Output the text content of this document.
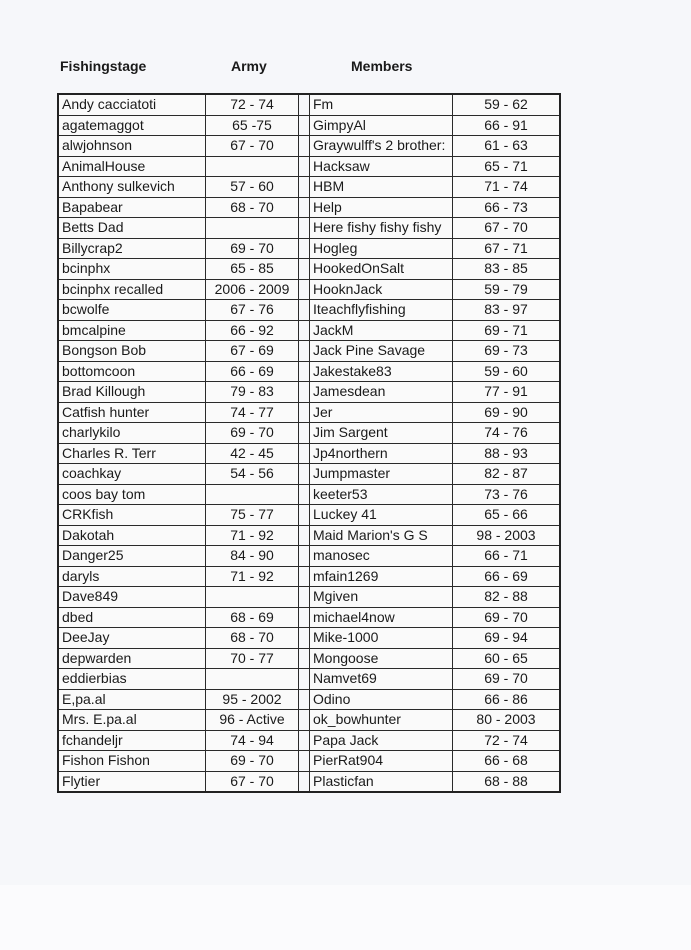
Fishingstage	Army	Members
Andy cacciatoti	72 - 74		Fm	59 - 62
agatemaggot	65 -75		GimpyAl	66 - 91
alwjohnson	67 - 70		Graywulff's 2 brother:	61 - 63
AnimalHouse			Hacksaw	65 - 71
Anthony sulkevich	57 - 60		HBM	71 - 74
Bapabear	68 - 70		Help	66 - 73
Betts Dad			Here fishy fishy fishy	67 - 70
Billycrap2	69 - 70		Hogleg	67 - 71
bcinphx	65 - 85		HookedOnSalt	83 - 85
bcinphx recalled	2006 - 2009		HooknJack	59 - 79
bcwolfe	67 - 76		Iteachflyfishing	83 - 97
bmcalpine	66 - 92		JackM	69 - 71
Bongson Bob	67 - 69		Jack Pine Savage	69 - 73
bottomcoon	66 - 69		Jakestake83	59 - 60
Brad Killough	79 - 83		Jamesdean	77 - 91
Catfish hunter	74 - 77		Jer	69 - 90
charlykilo	69 - 70		Jim Sargent	74 - 76
Charles R. Terr	42 - 45		Jp4northern	88 - 93
coachkay	54 - 56		Jumpmaster	82 - 87
coos bay tom			keeter53	73 - 76
CRKfish	75 - 77		Luckey 41	65 - 66
Dakotah	71 - 92		Maid Marion's G S	98 - 2003
Danger25	84 - 90		manosec	66 - 71
daryls	71 - 92		mfain1269	66 - 69
Dave849			Mgiven	82 - 88
dbed	68 - 69		michael4now	69 - 70
DeeJay	68 - 70		Mike-1000	69 - 94
depwarden	70 - 77		Mongoose	60 - 65
eddierbias			Namvet69	69 - 70
E,pa.al	95 - 2002		Odino	66 - 86
Mrs. E.pa.al	96 - Active		ok_bowhunter	80 - 2003
fchandeljr	74 - 94		Papa Jack	72 - 74
Fishon Fishon	69 - 70		PierRat904	66 - 68
Flytier	67 - 70		Plasticfan	68 - 88
